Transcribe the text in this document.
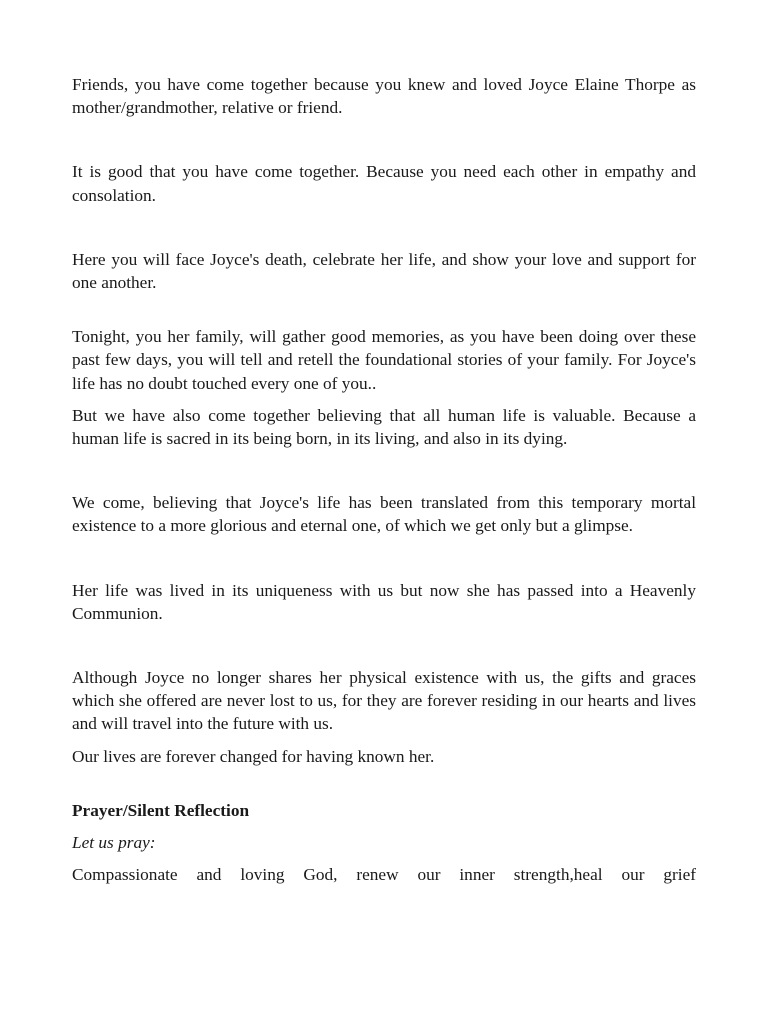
Friends, you have come together because you knew and loved Joyce Elaine Thorpe as mother/grandmother, relative or friend.

It is good that you have come together. Because you need each other in empathy and consolation.

Here you will face Joyce's death, celebrate her life, and show your love and support for one another.

Tonight, you her family, will gather good memories, as you have been doing over these past few days, you will tell and retell the foundational stories of your family. For Joyce's life has no doubt touched every one of you..

But we have also come together believing that all human life is valuable. Because a human life is sacred in its being born, in its living, and also in its dying.

We come, believing that Joyce's life has been translated from this temporary mortal existence to a more glorious and eternal one, of which we get only but a glimpse.

Her life was lived in its uniqueness with us but now she has passed into a Heavenly Communion.

Although Joyce no longer shares her physical existence with us, the gifts and graces which she offered are never lost to us, for they are forever residing in our hearts and lives and will travel into the future with us.

Our lives are forever changed for having known her.

Prayer/Silent Reflection

Let us pray:

Compassionate and loving God, renew our inner strength,heal our grief
